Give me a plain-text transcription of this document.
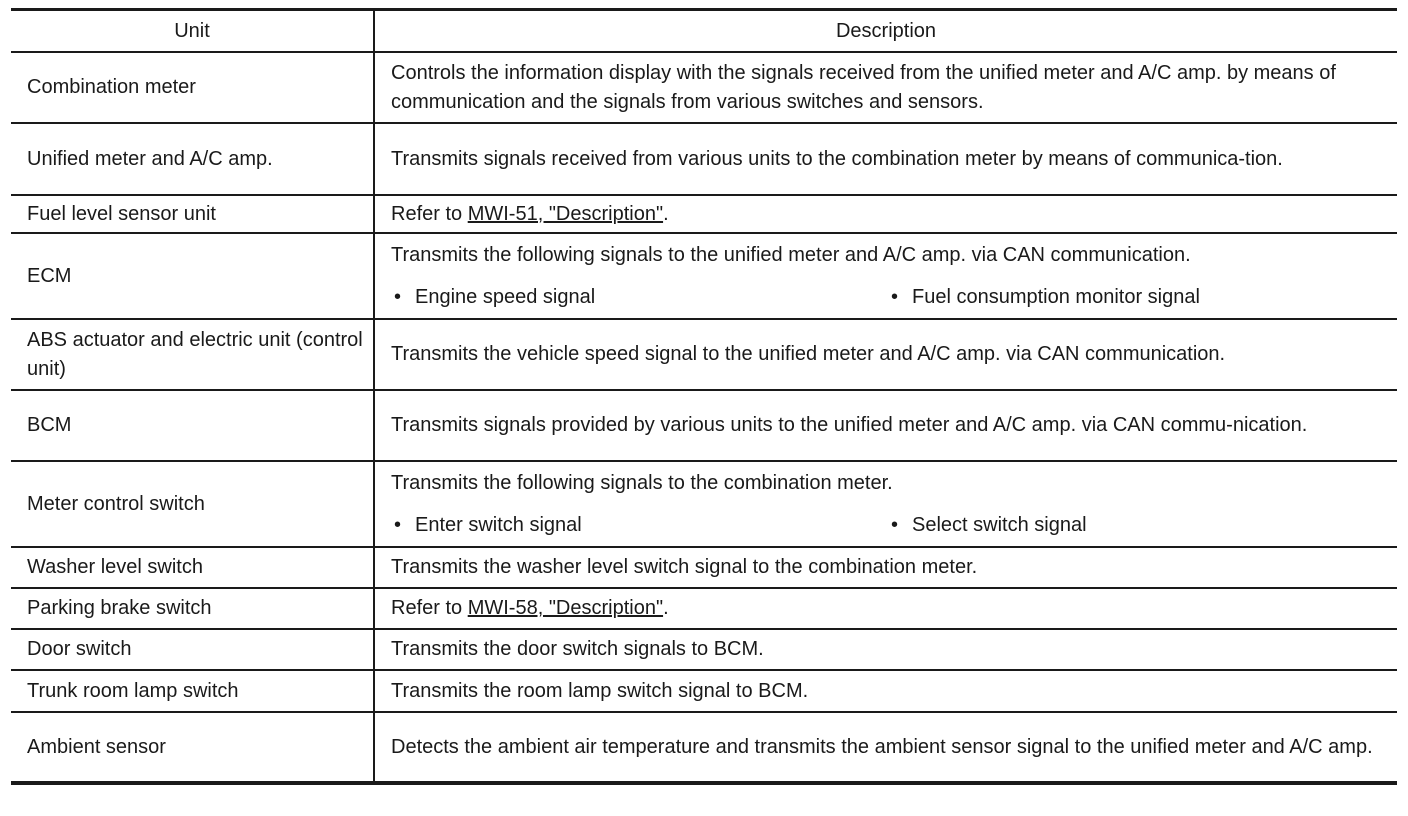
Unit	Description
Combination meter	Controls the information display with the signals received from the unified meter and A/C amp. by means of communication and the signals from various switches and sensors.
Unified meter and A/C amp.	Transmits signals received from various units to the combination meter by means of communica-tion.
Fuel level sensor unit	Refer to MWI-51, "Description".
ECM	Transmits the following signals to the unified meter and A/C amp. via CAN communication.
• Engine speed signal • Fuel consumption monitor signal

ABS actuator and electric unit (control unit)	Transmits the vehicle speed signal to the unified meter and A/C amp. via CAN communication.
BCM	Transmits signals provided by various units to the unified meter and A/C amp. via CAN commu-nication.
Meter control switch	Transmits the following signals to the combination meter.
• Enter switch signal • Select switch signal

Washer level switch	Transmits the washer level switch signal to the combination meter.
Parking brake switch	Refer to MWI-58, "Description".
Door switch	Transmits the door switch signals to BCM.
Trunk room lamp switch	Transmits the room lamp switch signal to BCM.
Ambient sensor	Detects the ambient air temperature and transmits the ambient sensor signal to the unified meter and A/C amp.
